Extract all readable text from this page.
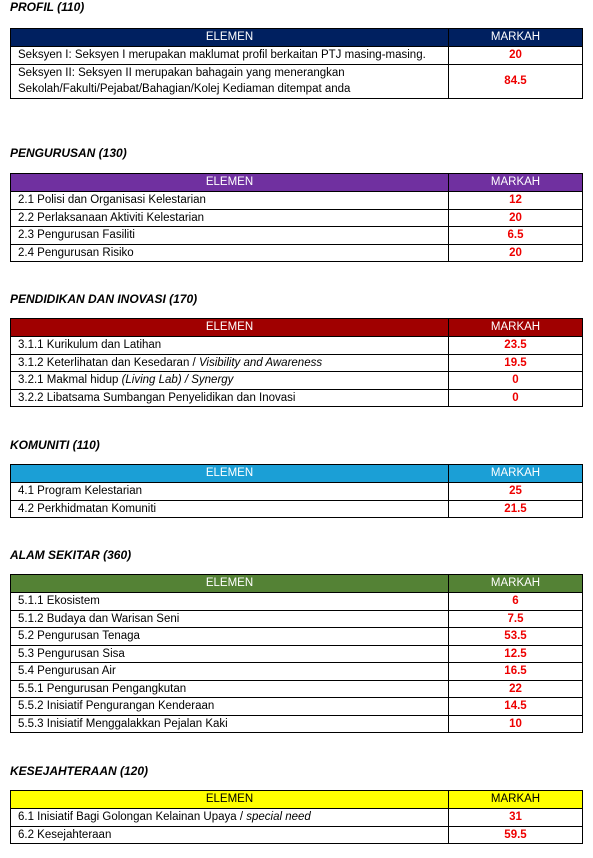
PROFIL (110)
ELEMEN	MARKAH
Seksyen I: Seksyen I merupakan maklumat profil berkaitan PTJ masing-masing.	20
Seksyen II: Seksyen II merupakan bahagain yang menerangkan Sekolah/Fakulti/Pejabat/Bahagian/Kolej Kediaman ditempat anda	84.5
PENGURUSAN (130)
ELEMEN	MARKAH
2.1 Polisi dan Organisasi Kelestarian	12
2.2 Perlaksanaan Aktiviti Kelestarian	20
2.3 Pengurusan Fasiliti	6.5
2.4 Pengurusan Risiko	20
PENDIDIKAN DAN INOVASI (170)
ELEMEN	MARKAH
3.1.1 Kurikulum dan Latihan	23.5
3.1.2 Keterlihatan dan Kesedaran / Visibility and Awareness	19.5
3.2.1 Makmal hidup (Living Lab) / Synergy	0
3.2.2 Libatsama Sumbangan Penyelidikan dan Inovasi	0
KOMUNITI (110)
ELEMEN	MARKAH
4.1 Program Kelestarian	25
4.2 Perkhidmatan Komuniti	21.5
ALAM SEKITAR (360)
ELEMEN	MARKAH
5.1.1 Ekosistem	6
5.1.2 Budaya dan Warisan Seni	7.5
5.2 Pengurusan Tenaga	53.5
5.3 Pengurusan Sisa	12.5
5.4 Pengurusan Air	16.5
5.5.1 Pengurusan Pengangkutan	22
5.5.2 Inisiatif Pengurangan Kenderaan	14.5
5.5.3 Inisiatif Menggalakkan Pejalan Kaki	10
KESEJAHTERAAN (120)
ELEMEN	MARKAH
6.1 Inisiatif Bagi Golongan Kelainan Upaya / special need	31
6.2 Kesejahteraan	59.5
